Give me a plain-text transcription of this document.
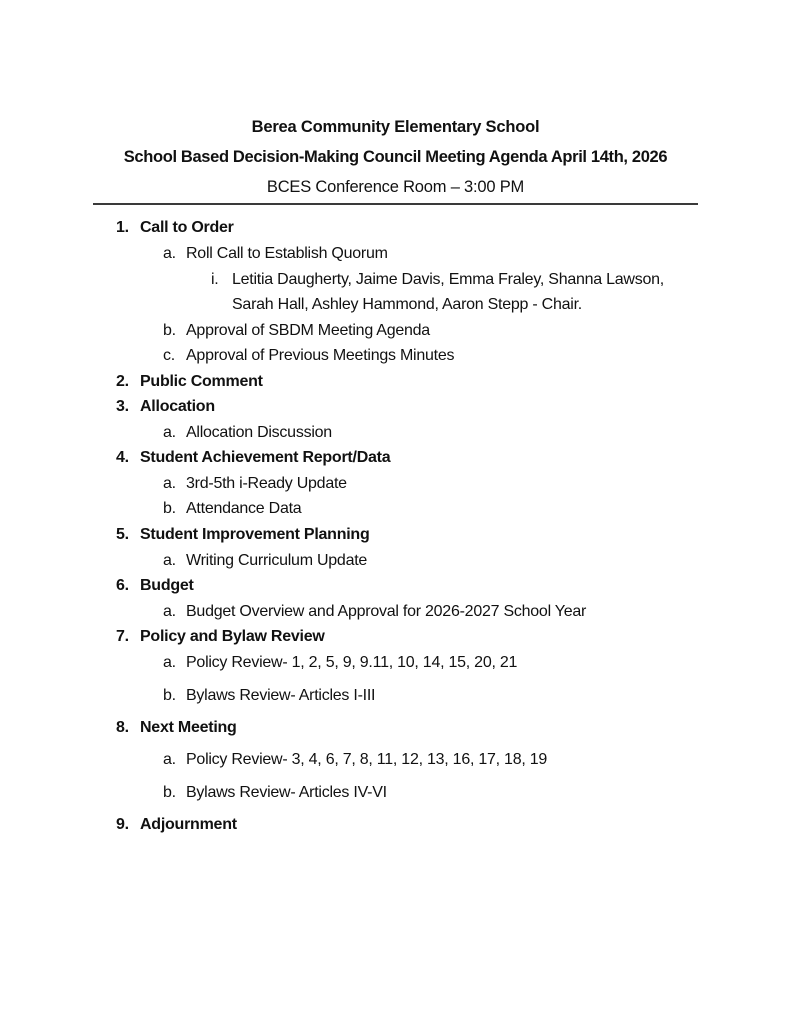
Berea Community Elementary School
School Based Decision-Making Council Meeting Agenda April 14th, 2026
BCES Conference Room – 3:00 PM
1. Call to Order
a. Roll Call to Establish Quorum
i. Letitia Daugherty, Jaime Davis, Emma Fraley, Shanna Lawson,
Sarah Hall, Ashley Hammond, Aaron Stepp - Chair.
b. Approval of SBDM Meeting Agenda
c. Approval of Previous Meetings Minutes
2. Public Comment
3. Allocation
a. Allocation Discussion
4. Student Achievement Report/Data
a. 3rd-5th i-Ready Update
b. Attendance Data
5. Student Improvement Planning
a. Writing Curriculum Update
6. Budget
a. Budget Overview and Approval for 2026-2027 School Year
7. Policy and Bylaw Review
a. Policy Review- 1, 2, 5, 9, 9.11, 10, 14, 15, 20, 21
b. Bylaws Review- Articles I-III
8. Next Meeting
a. Policy Review- 3, 4, 6, 7, 8, 11, 12, 13, 16, 17, 18, 19
b. Bylaws Review- Articles IV-VI
9. Adjournment
